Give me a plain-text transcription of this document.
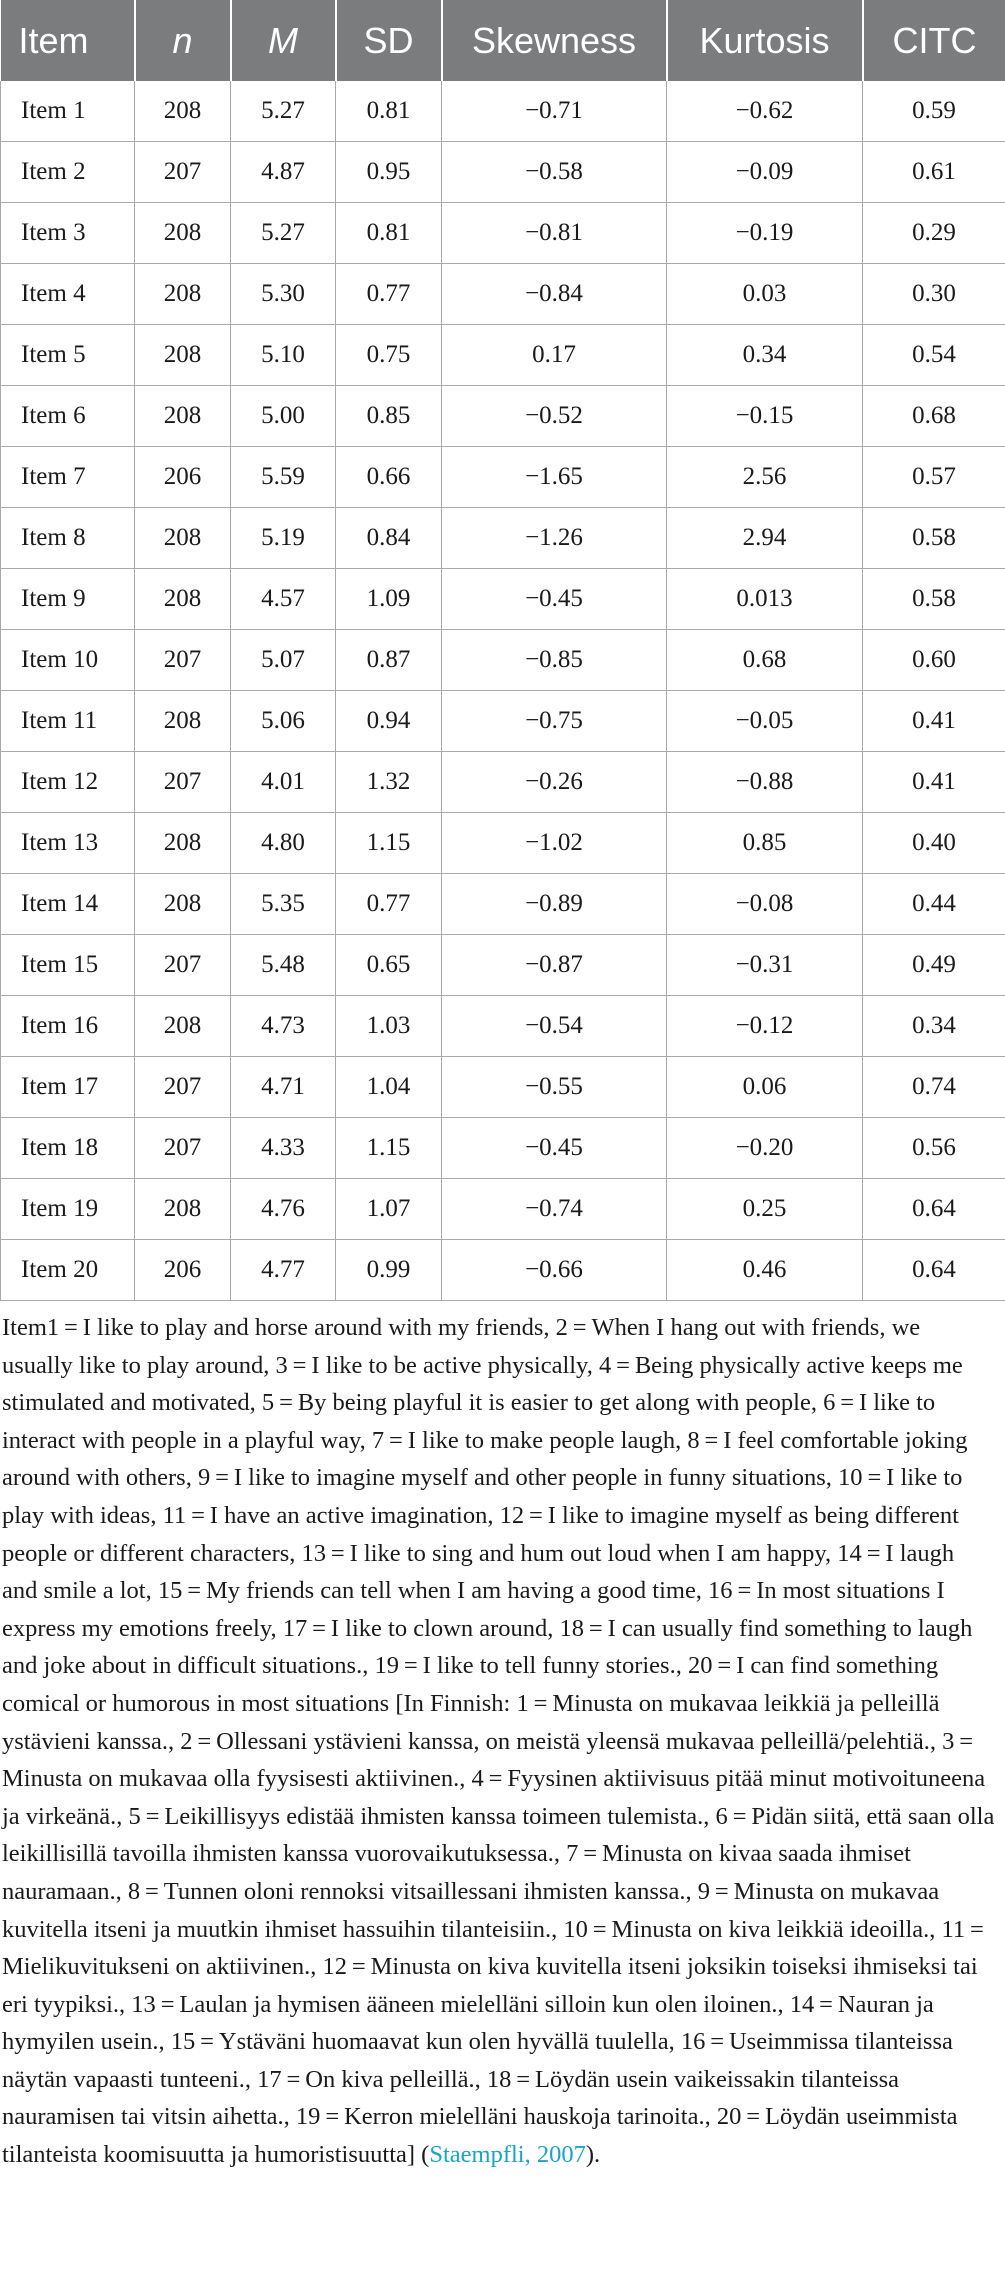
Item	n	M	SD	Skewness	Kurtosis	CITC
Item 1	208	5.27	0.81	−0.71	−0.62	0.59
Item 2	207	4.87	0.95	−0.58	−0.09	0.61
Item 3	208	5.27	0.81	−0.81	−0.19	0.29
Item 4	208	5.30	0.77	−0.84	0.03	0.30
Item 5	208	5.10	0.75	0.17	0.34	0.54
Item 6	208	5.00	0.85	−0.52	−0.15	0.68
Item 7	206	5.59	0.66	−1.65	2.56	0.57
Item 8	208	5.19	0.84	−1.26	2.94	0.58
Item 9	208	4.57	1.09	−0.45	0.013	0.58
Item 10	207	5.07	0.87	−0.85	0.68	0.60
Item 11	208	5.06	0.94	−0.75	−0.05	0.41
Item 12	207	4.01	1.32	−0.26	−0.88	0.41
Item 13	208	4.80	1.15	−1.02	0.85	0.40
Item 14	208	5.35	0.77	−0.89	−0.08	0.44
Item 15	207	5.48	0.65	−0.87	−0.31	0.49
Item 16	208	4.73	1.03	−0.54	−0.12	0.34
Item 17	207	4.71	1.04	−0.55	0.06	0.74
Item 18	207	4.33	1.15	−0.45	−0.20	0.56
Item 19	208	4.76	1.07	−0.74	0.25	0.64
Item 20	206	4.77	0.99	−0.66	0.46	0.64
Item1 = I like to play and horse around with my friends, 2 = When I hang out with friends, we usually like to play around, 3 = I like to be active physically, 4 = Being physically active keeps me stimulated and motivated, 5 = By being playful it is easier to get along with people, 6 = I like to interact with people in a playful way, 7 = I like to make people laugh, 8 = I feel comfortable joking around with others, 9 = I like to imagine myself and other people in funny situations, 10 = I like to play with ideas, 11 = I have an active imagination, 12 = I like to imagine myself as being different people or different characters, 13 = I like to sing and hum out loud when I am happy, 14 = I laugh and smile a lot, 15 = My friends can tell when I am having a good time, 16 = In most situations I express my emotions freely, 17 = I like to clown around, 18 = I can usually find something to laugh and joke about in difficult situations., 19 = I like to tell funny stories., 20 = I can find something comical or humorous in most situations [In Finnish: 1 = Minusta on mukavaa leikkiä ja pelleillä ystävieni kanssa., 2 = Ollessani ystävieni kanssa, on meistä yleensä mukavaa pelleillä/pelehtiä., 3 = Minusta on mukavaa olla fyysisesti aktiivinen., 4 = Fyysinen aktiivisuus pitää minut motivoituneena ja virkeänä., 5 = Leikillisyys edistää ihmisten kanssa toimeen tulemista., 6 = Pidän siitä, että saan olla leikillisillä tavoilla ihmisten kanssa vuorovaikutuksessa., 7 = Minusta on kivaa saada ihmiset nauramaan., 8 = Tunnen oloni rennoksi vitsaillessani ihmisten kanssa., 9 = Minusta on mukavaa kuvitella itseni ja muutkin ihmiset hassuihin tilanteisiin., 10 = Minusta on kiva leikkiä ideoilla., 11 = Mielikuvitukseni on aktiivinen., 12 = Minusta on kiva kuvitella itseni joksikin toiseksi ihmiseksi tai eri tyypiksi., 13 = Laulan ja hymisen ääneen mielelläni silloin kun olen iloinen., 14 = Nauran ja hymyilen usein., 15 = Ystäväni huomaavat kun olen hyvällä tuulella, 16 = Useimmissa tilanteissa näytän vapaasti tunteeni., 17 = On kiva pelleillä., 18 = Löydän usein vaikeissakin tilanteissa nauramisen tai vitsin aihetta., 19 = Kerron mielelläni hauskoja tarinoita., 20 = Löydän useimmista tilanteista koomisuutta ja humoristisuutta] (Staempfli, 2007).
